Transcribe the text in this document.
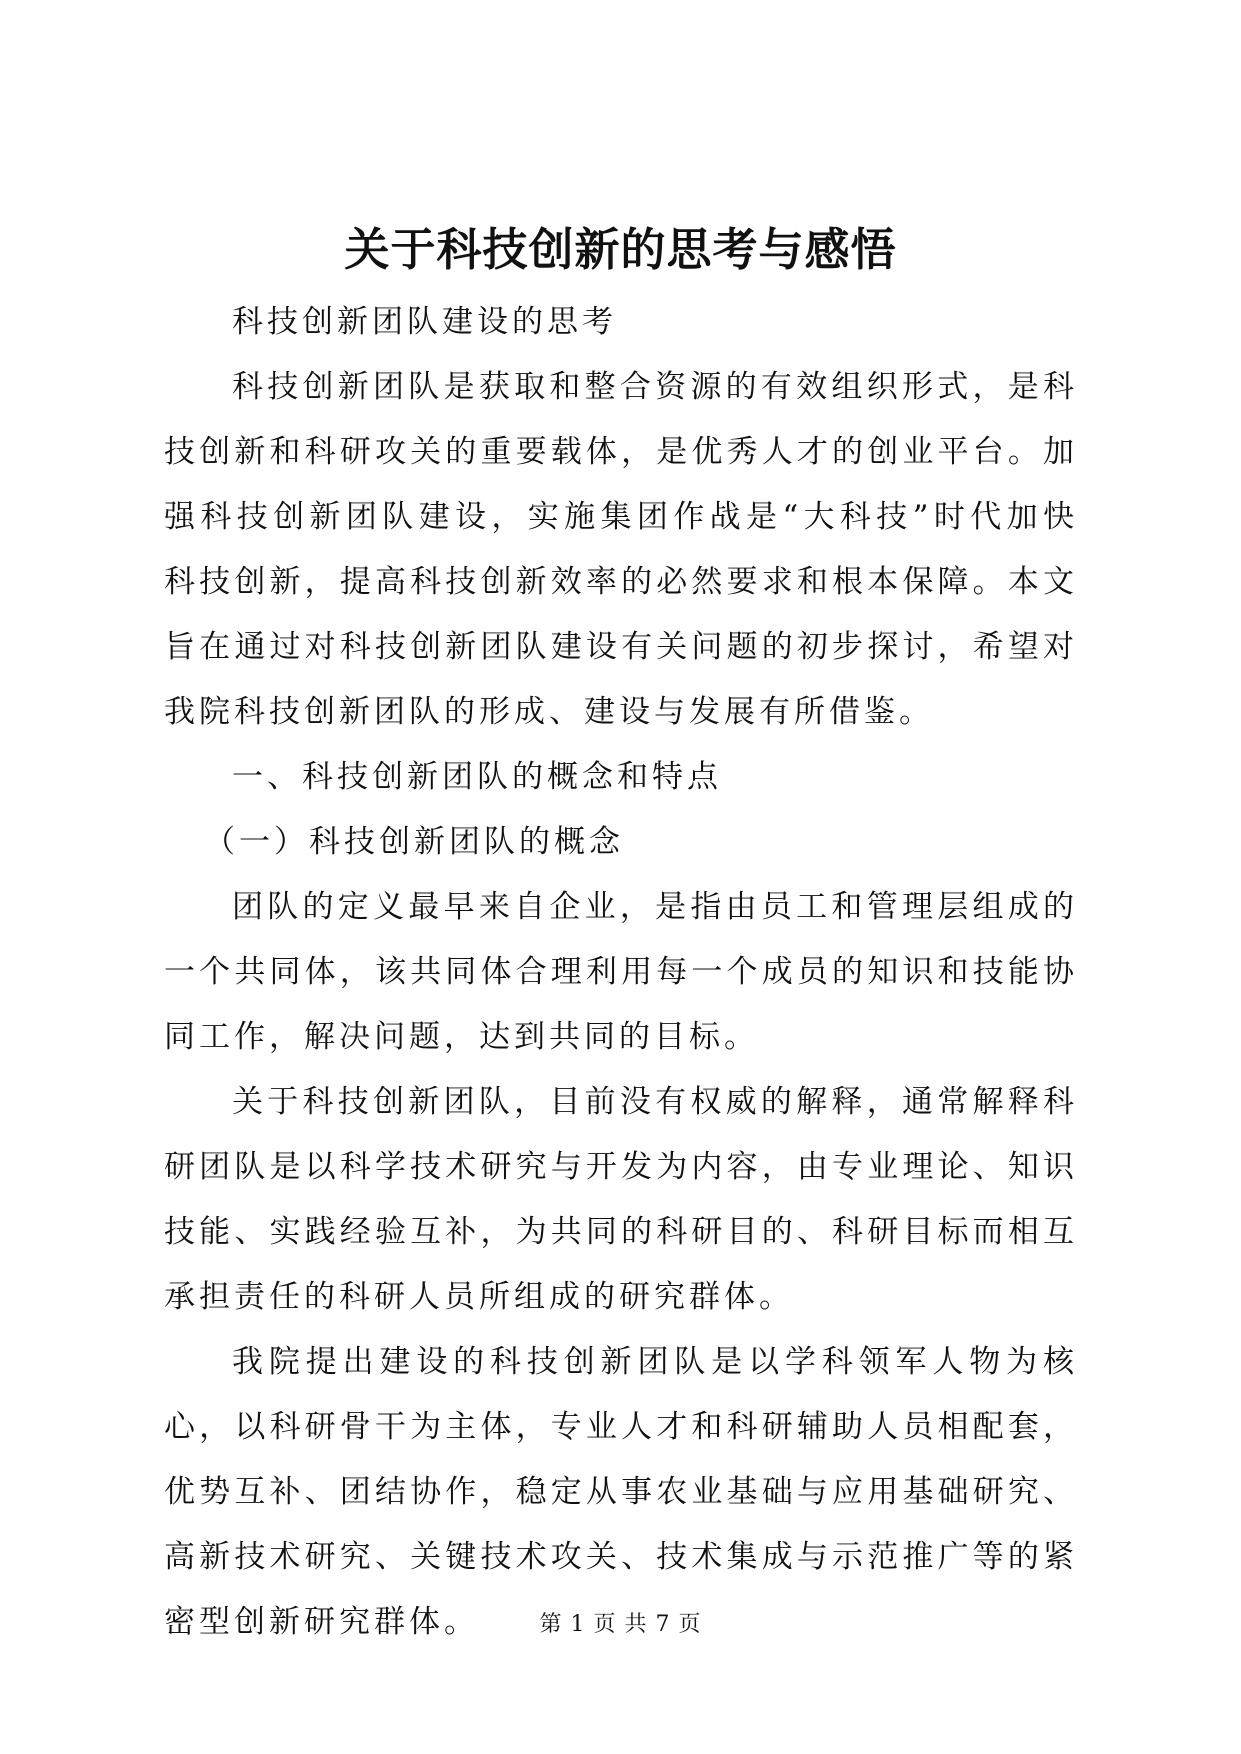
关于科技创新的思考与感悟

科技创新团队建设的思考

科技创新团队是获取和整合资源的有效组织形式，是科技创新和科研攻关的重要载体，是优秀人才的创业平台。加强科技创新团队建设，实施集团作战是“大科技”时代加快科技创新，提高科技创新效率的必然要求和根本保障。本文旨在通过对科技创新团队建设有关问题的初步探讨，希望对我院科技创新团队的形成、建设与发展有所借鉴。

一、科技创新团队的概念和特点

（一）科技创新团队的概念

团队的定义最早来自企业，是指由员工和管理层组成的一个共同体，该共同体合理利用每一个成员的知识和技能协同工作，解决问题，达到共同的目标。

关于科技创新团队，目前没有权威的解释，通常解释科研团队是以科学技术研究与开发为内容，由专业理论、知识技能、实践经验互补，为共同的科研目的、科研目标而相互承担责任的科研人员所组成的研究群体。

我院提出建设的科技创新团队是以学科领军人物为核心，以科研骨干为主体，专业人才和科研辅助人员相配套，优势互补、团结协作，稳定从事农业基础与应用基础研究、高新技术研究、关键技术攻关、技术集成与示范推广等的紧密型创新研究群体。	第 1 页 共 7 页
